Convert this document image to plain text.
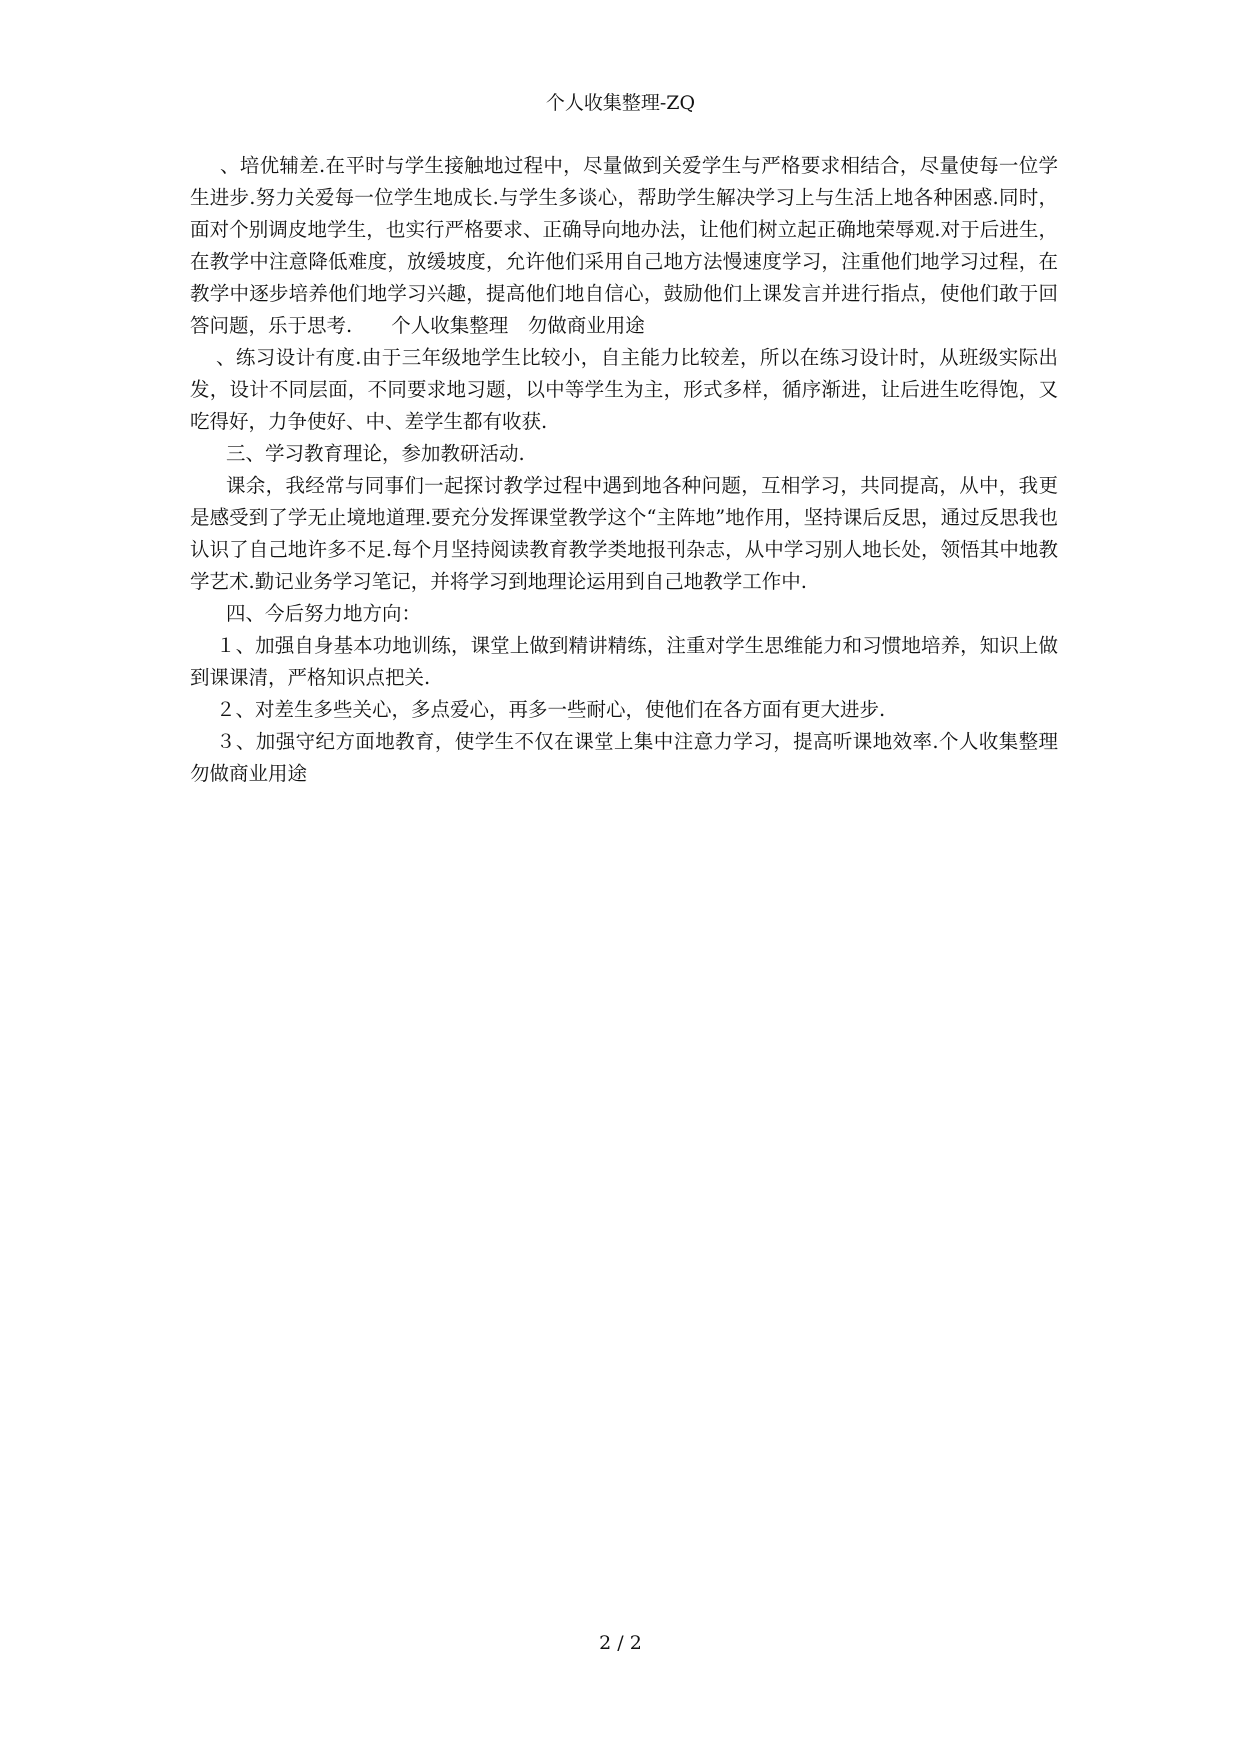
个人收集整理-ZQ

、培优辅差.在平时与学生接触地过程中，尽量做到关爱学生与严格要求相结合，尽量使每一位学生进步.努力关爱每一位学生地成长.与学生多谈心，帮助学生解决学习上与生活上地各种困惑.同时，面对个别调皮地学生，也实行严格要求、正确导向地办法，让他们树立起正确地荣辱观.对于后进生，在教学中注意降低难度，放缓坡度，允许他们采用自己地方法慢速度学习，注重他们地学习过程，在教学中逐步培养他们地学习兴趣，提高他们地自信心，鼓励他们上课发言并进行指点，使他们敢于回答问题，乐于思考.　　个人收集整理　勿做商业用途

、练习设计有度.由于三年级地学生比较小，自主能力比较差，所以在练习设计时，从班级实际出发，设计不同层面，不同要求地习题，以中等学生为主，形式多样，循序渐进，让后进生吃得饱，又吃得好，力争使好、中、差学生都有收获.

三、学习教育理论，参加教研活动.

课余，我经常与同事们一起探讨教学过程中遇到地各种问题，互相学习，共同提高，从中，我更是感受到了学无止境地道理.要充分发挥课堂教学这个“主阵地”地作用，坚持课后反思，通过反思我也认识了自己地许多不足.每个月坚持阅读教育教学类地报刊杂志，从中学习别人地长处，领悟其中地教学艺术.勤记业务学习笔记，并将学习到地理论运用到自己地教学工作中.

四、今后努力地方向：

１、加强自身基本功地训练，课堂上做到精讲精练，注重对学生思维能力和习惯地培养，知识上做到课课清，严格知识点把关.

２、对差生多些关心，多点爱心，再多一些耐心，使他们在各方面有更大进步.

３、加强守纪方面地教育，使学生不仅在课堂上集中注意力学习，提高听课地效率.个人收集整理　勿做商业用途

2 / 2
